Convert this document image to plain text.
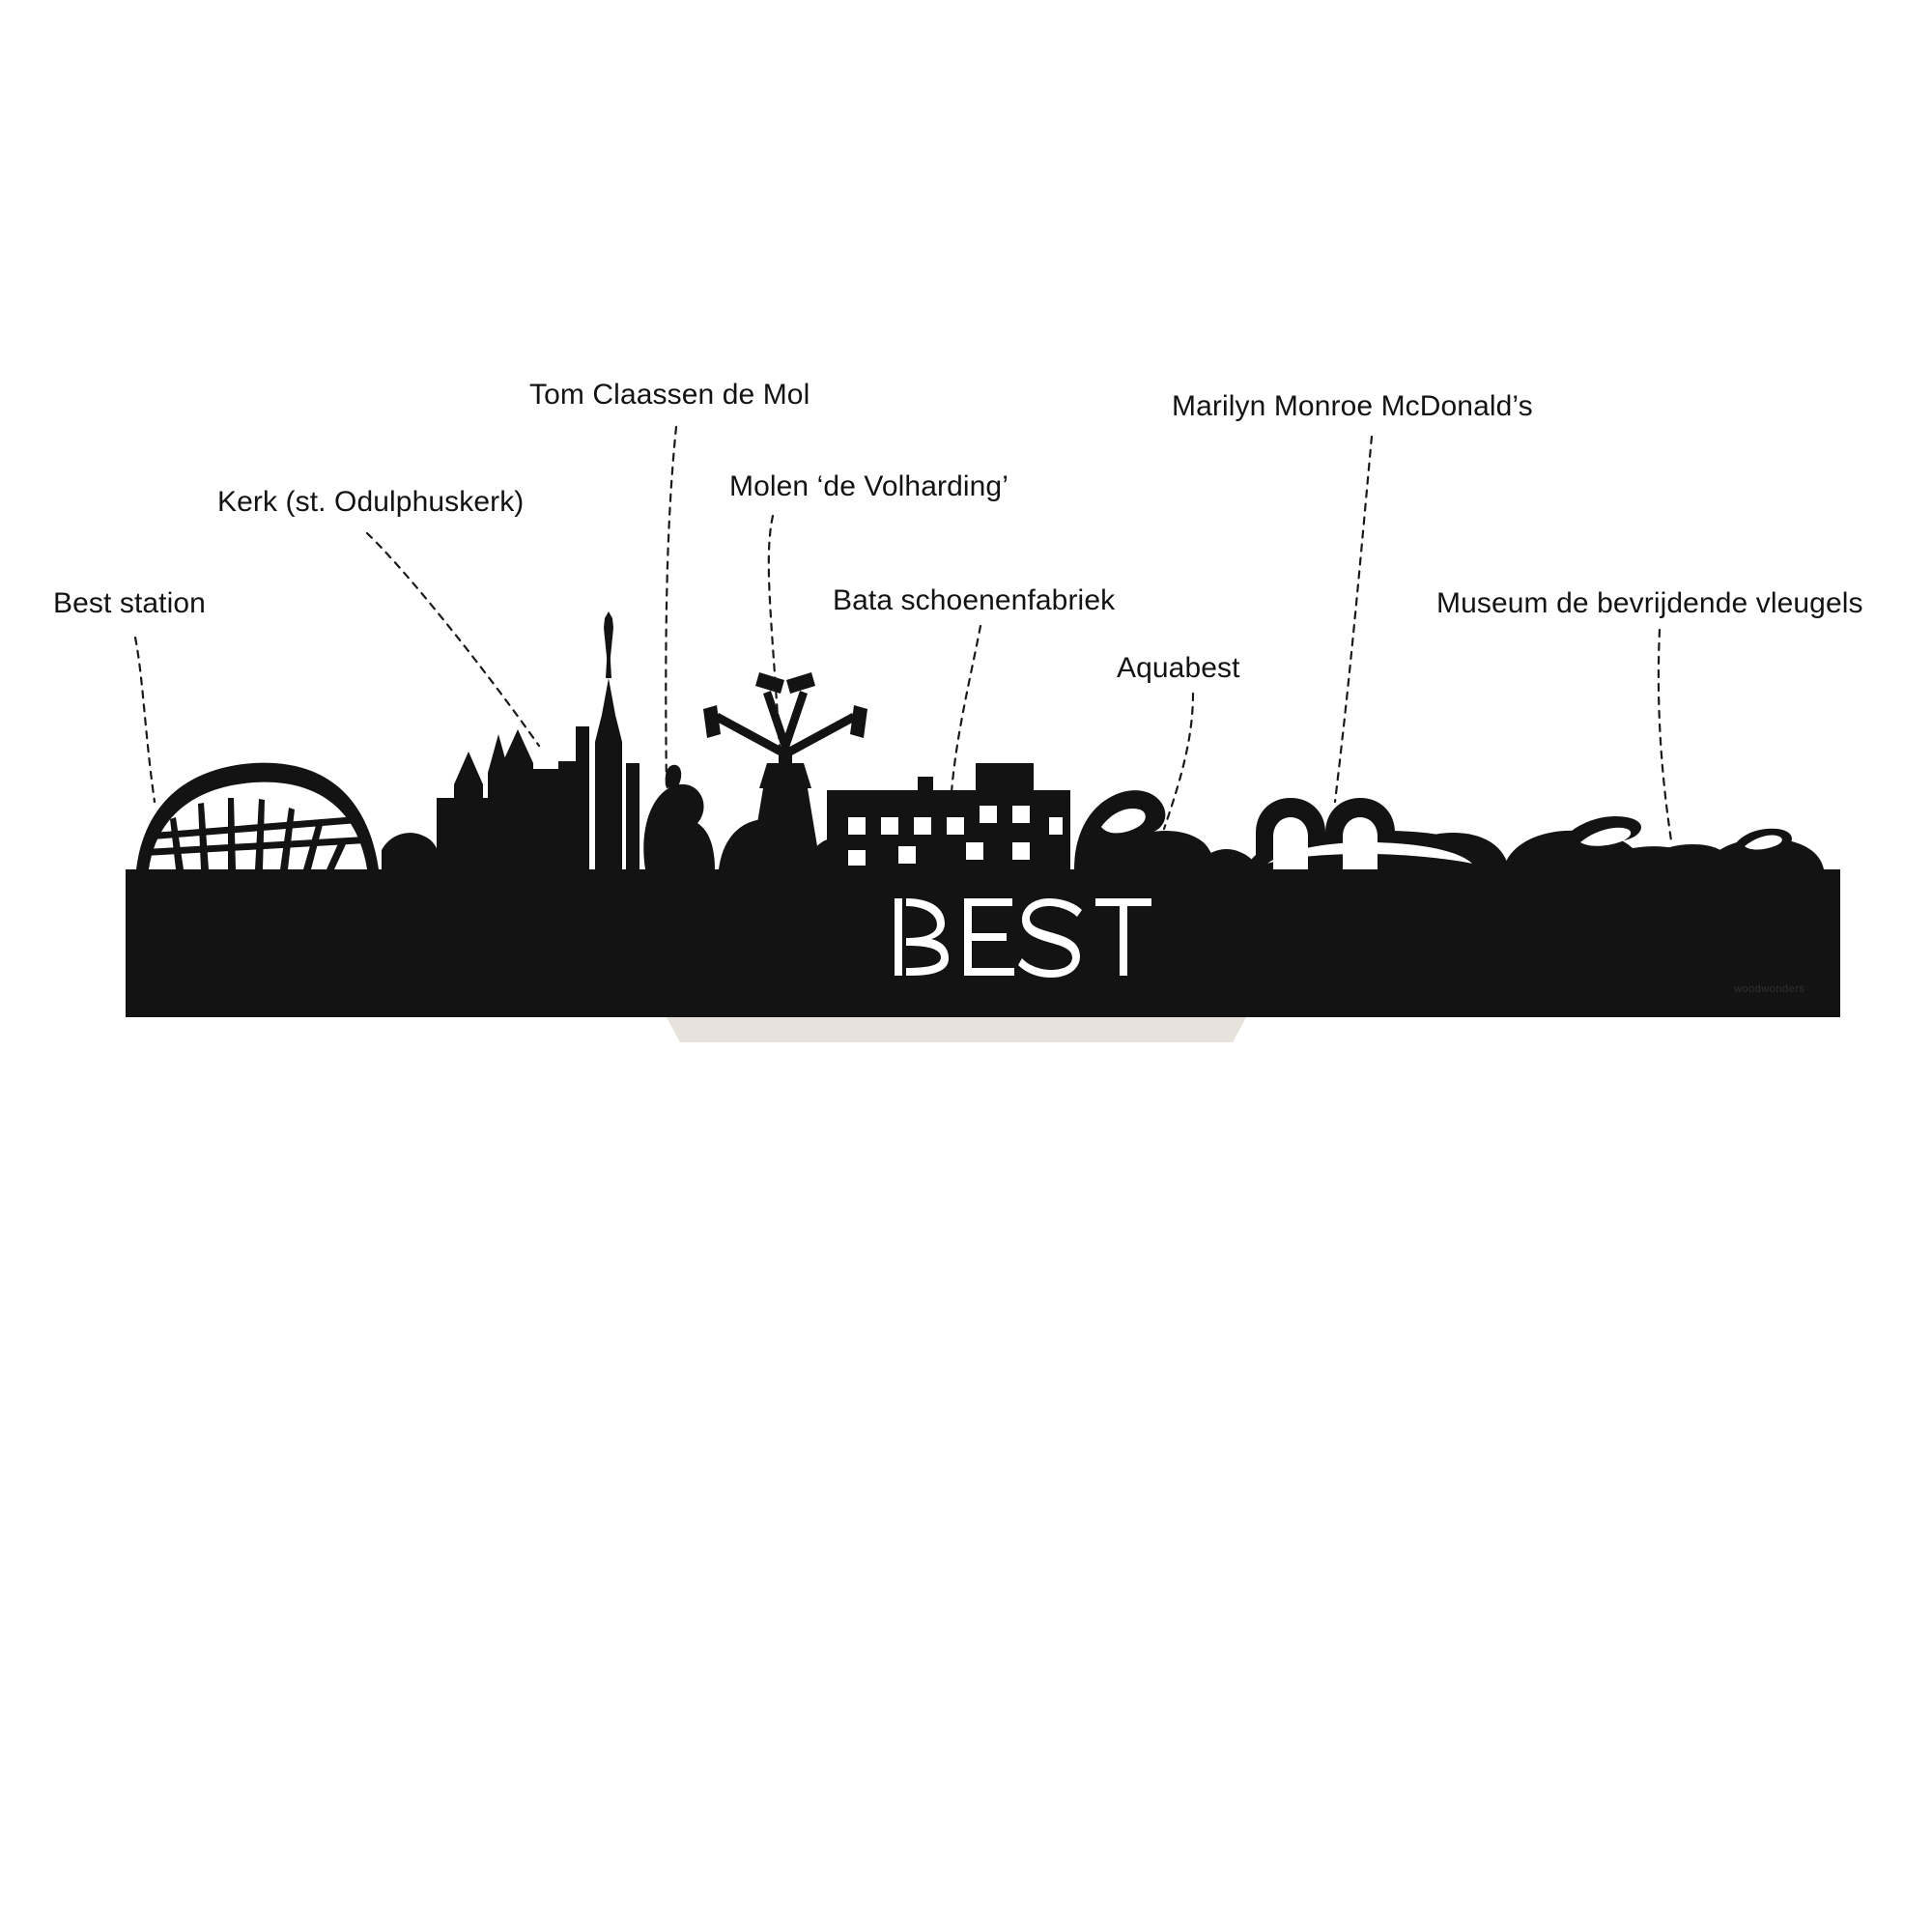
Best station
Kerk (st. Odulphuskerk)
Tom Claassen de Mol
Molen ‘de Volharding’
Bata schoenenfabriek
Aquabest
Marilyn Monroe McDonald’s
Museum de bevrijdende vleugels
woodwonders
